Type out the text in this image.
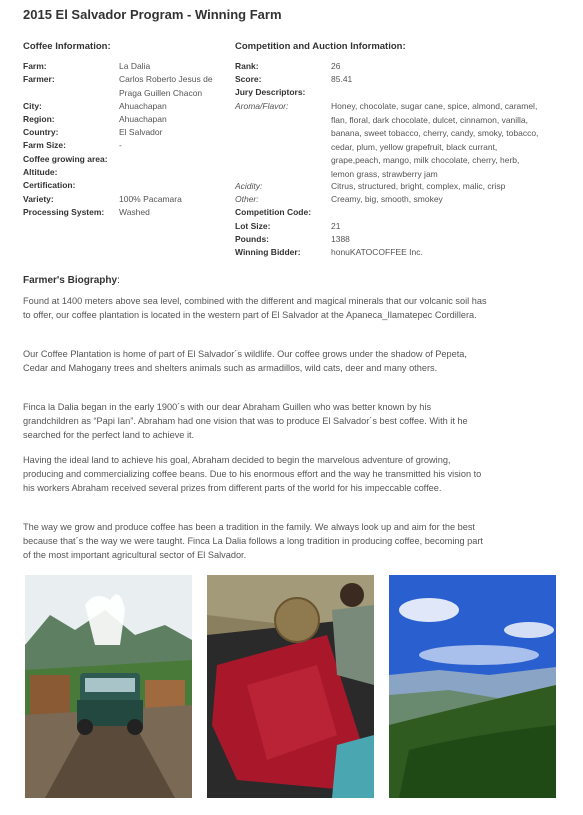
2015 El Salvador Program - Winning Farm
Coffee Information:
Farm:	La Dalia
Farmer:	Carlos Roberto Jesus de Praga Guillen Chacon
City:	Ahuachapan
Region:	Ahuachapan
Country:	El Salvador
Farm Size:	-
Coffee growing area:
Altitude:
Certification:
Variety:	100% Pacamara
Processing System:	Washed
Competition and Auction Information:
Rank:	26
Score:	85.41
Jury Descriptors:
Aroma/Flavor:	Honey, chocolate, sugar cane, spice, almond, caramel, flan, floral, dark chocolate, dulcet, cinnamon, vanilla, banana, sweet tobacco, cherry, candy, smoky, tobacco, cedar, plum, yellow grapefruit, black currant, grape,peach, mango, milk chocolate, cherry, herb, lemon grass, strawberry jam
Acidity:	Citrus, structured, bright, complex, malic, crisp
Other:	Creamy, big, smooth, smokey
Competition Code:
Lot Size:	21
Pounds:	1388
Winning Bidder:	honuKATOCOFFEE Inc.
Farmer's Biography:

Found at 1400 meters above sea level, combined with the different and magical minerals that our volcanic soil has to offer, our coffee plantation is located in the western part of El Salvador at the Apaneca_Ilamatepec Cordillera.

Our Coffee Plantation is home of part of El Salvador´s wildlife. Our coffee grows under the shadow of Pepeta, Cedar and Mahogany trees and shelters animals such as armadillos, wild cats, deer and many others.

Finca la Dalia began in the early 1900´s with our dear Abraham Guillen who was better known by his grandchildren as “Papi Ian”. Abraham had one vision that was to produce El Salvador´s best coffee. With it he searched for the perfect land to achieve it.

Having the ideal land to achieve his goal, Abraham decided to begin the marvelous adventure of growing, producing and commercializing coffee beans. Due to his enormous effort and the way he transmitted his vision to his workers Abraham received several prizes from different parts of the world for his impeccable coffee.

The way we grow and produce coffee has been a tradition in the family. We always look up and aim for the best because that´s the way we were taught. Finca La Dalia follows a long tradition in producing coffee, becoming part of the most important agricultural sector of El Salvador.
